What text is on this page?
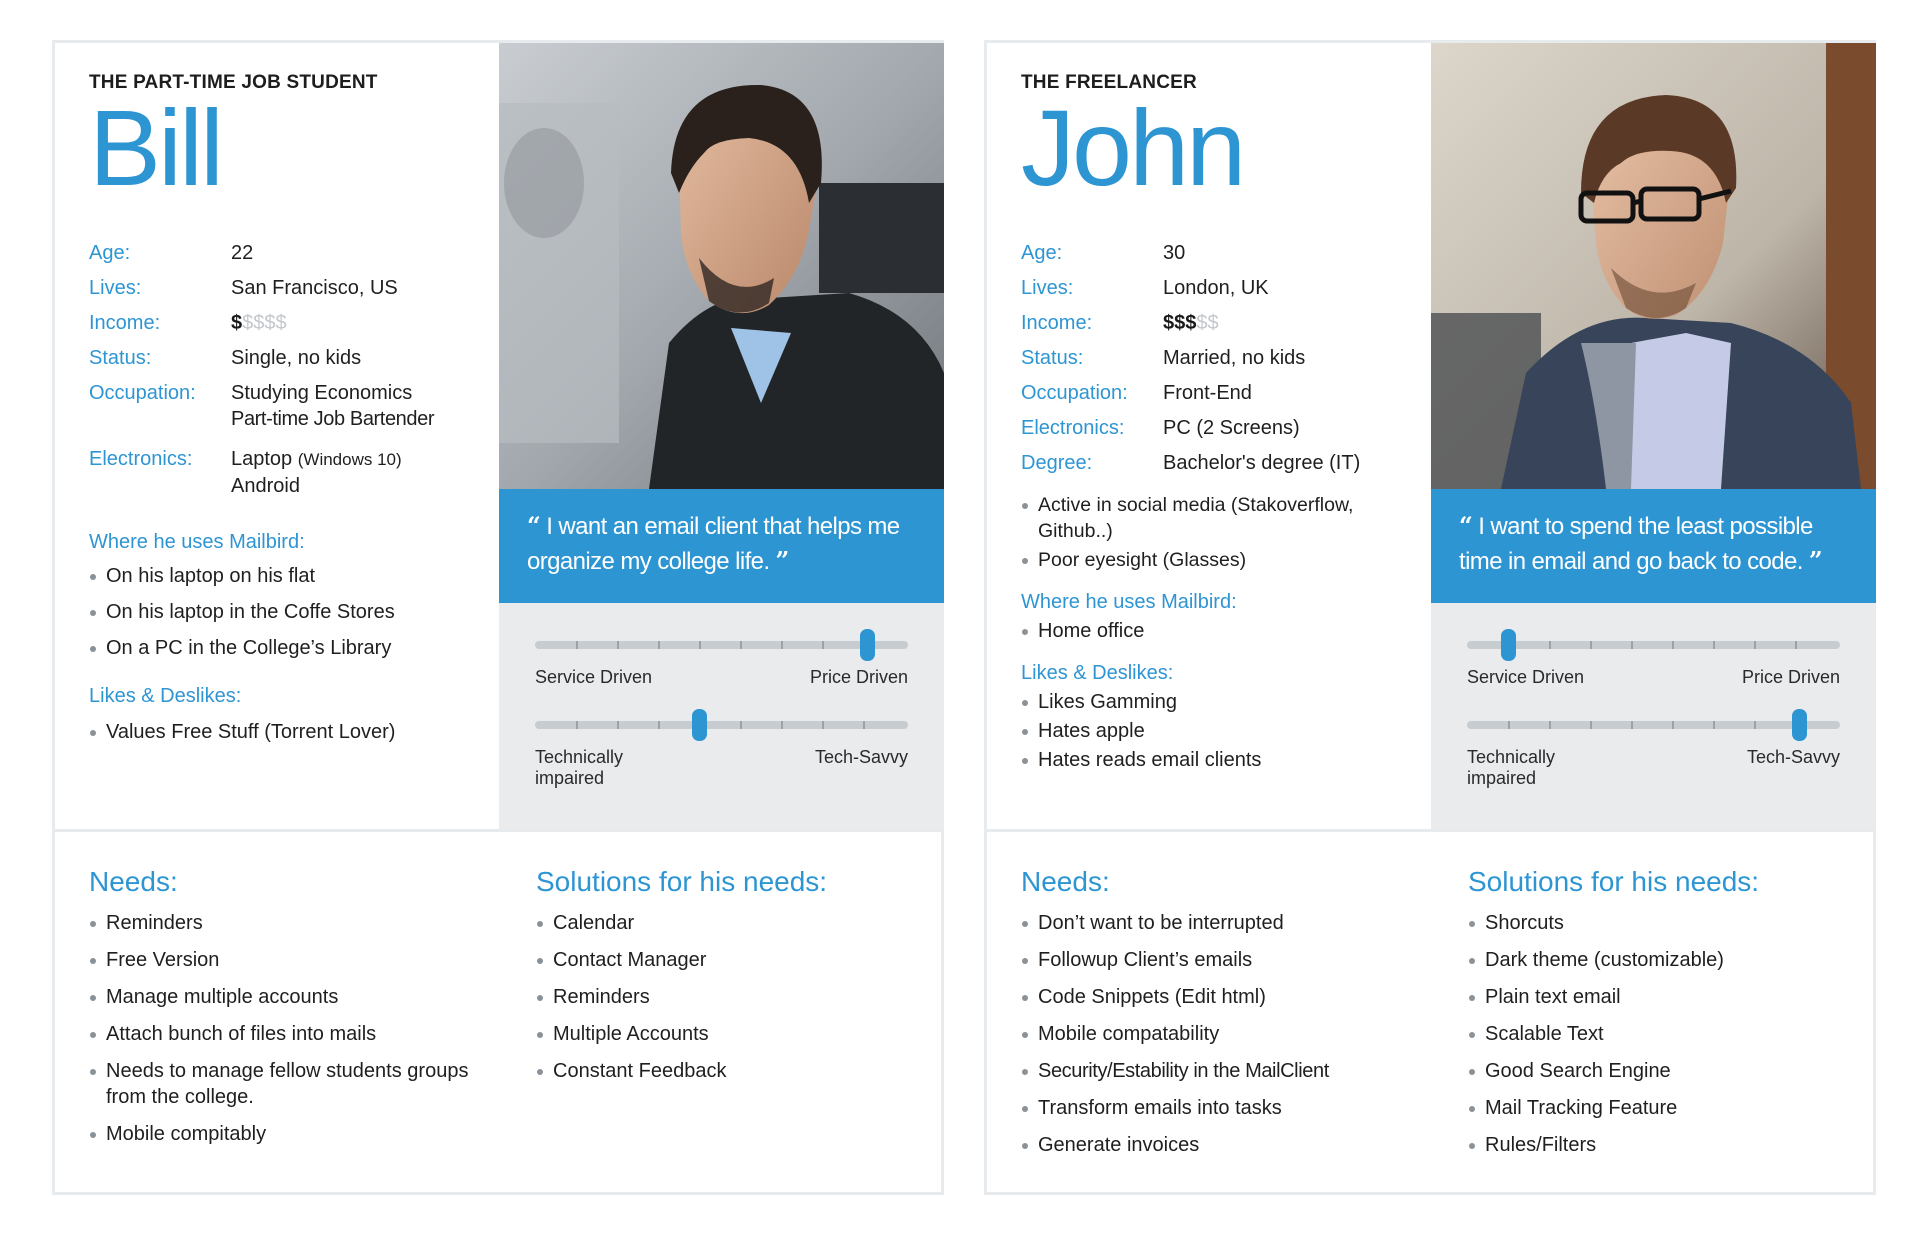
THE PART-TIME JOB STUDENT
Bill
Age:	22
Lives:	San Francisco, US
Income:	$$$$$
Status:	Single, no kids
Occupation:	Studying Economics
Part-time Job Bartender
Electronics:	Laptop (Windows 10)
Android
Where he uses Mailbird:
On his laptop on his flat
On his laptop in the Coffe Stores
On a PC in the College’s Library
Likes & Deslikes:
Values Free Stuff (Torrent Lover)
“ I want an email client that helps me organize my college life. ”
Service Driven	Price Driven
Technically impaired
Tech-Savvy
Needs:
Reminders
Free Version
Manage multiple accounts
Attach bunch of files into mails
Needs to manage fellow students groups from the college.
Mobile compitably
Solutions for his needs:
Calendar
Contact Manager
Reminders
Multiple Accounts
Constant Feedback
THE FREELANCER
John
Age:	30
Lives:	London, UK
Income:	$$$$$
Status:	Married, no kids
Occupation:	Front-End
Electronics:	PC (2 Screens)
Degree:	Bachelor's degree (IT)
Active in social media (Stakoverflow, Github..)
Poor eyesight (Glasses)
Where he uses Mailbird:
Home office
Likes & Deslikes:
Likes Gamming
Hates apple
Hates reads email clients
“ I want to spend the least possible time in email and go back to code. ”
Service Driven	Price Driven
Technically impaired
Tech-Savvy
Needs:
Don’t want to be interrupted
Followup Client’s emails
Code Snippets (Edit html)
Mobile compatability
Security/Estability in the MailClient
Transform emails into tasks
Generate invoices
Solutions for his needs:
Shorcuts
Dark theme (customizable)
Plain text email
Scalable Text
Good Search Engine
Mail Tracking Feature
Rules/Filters
